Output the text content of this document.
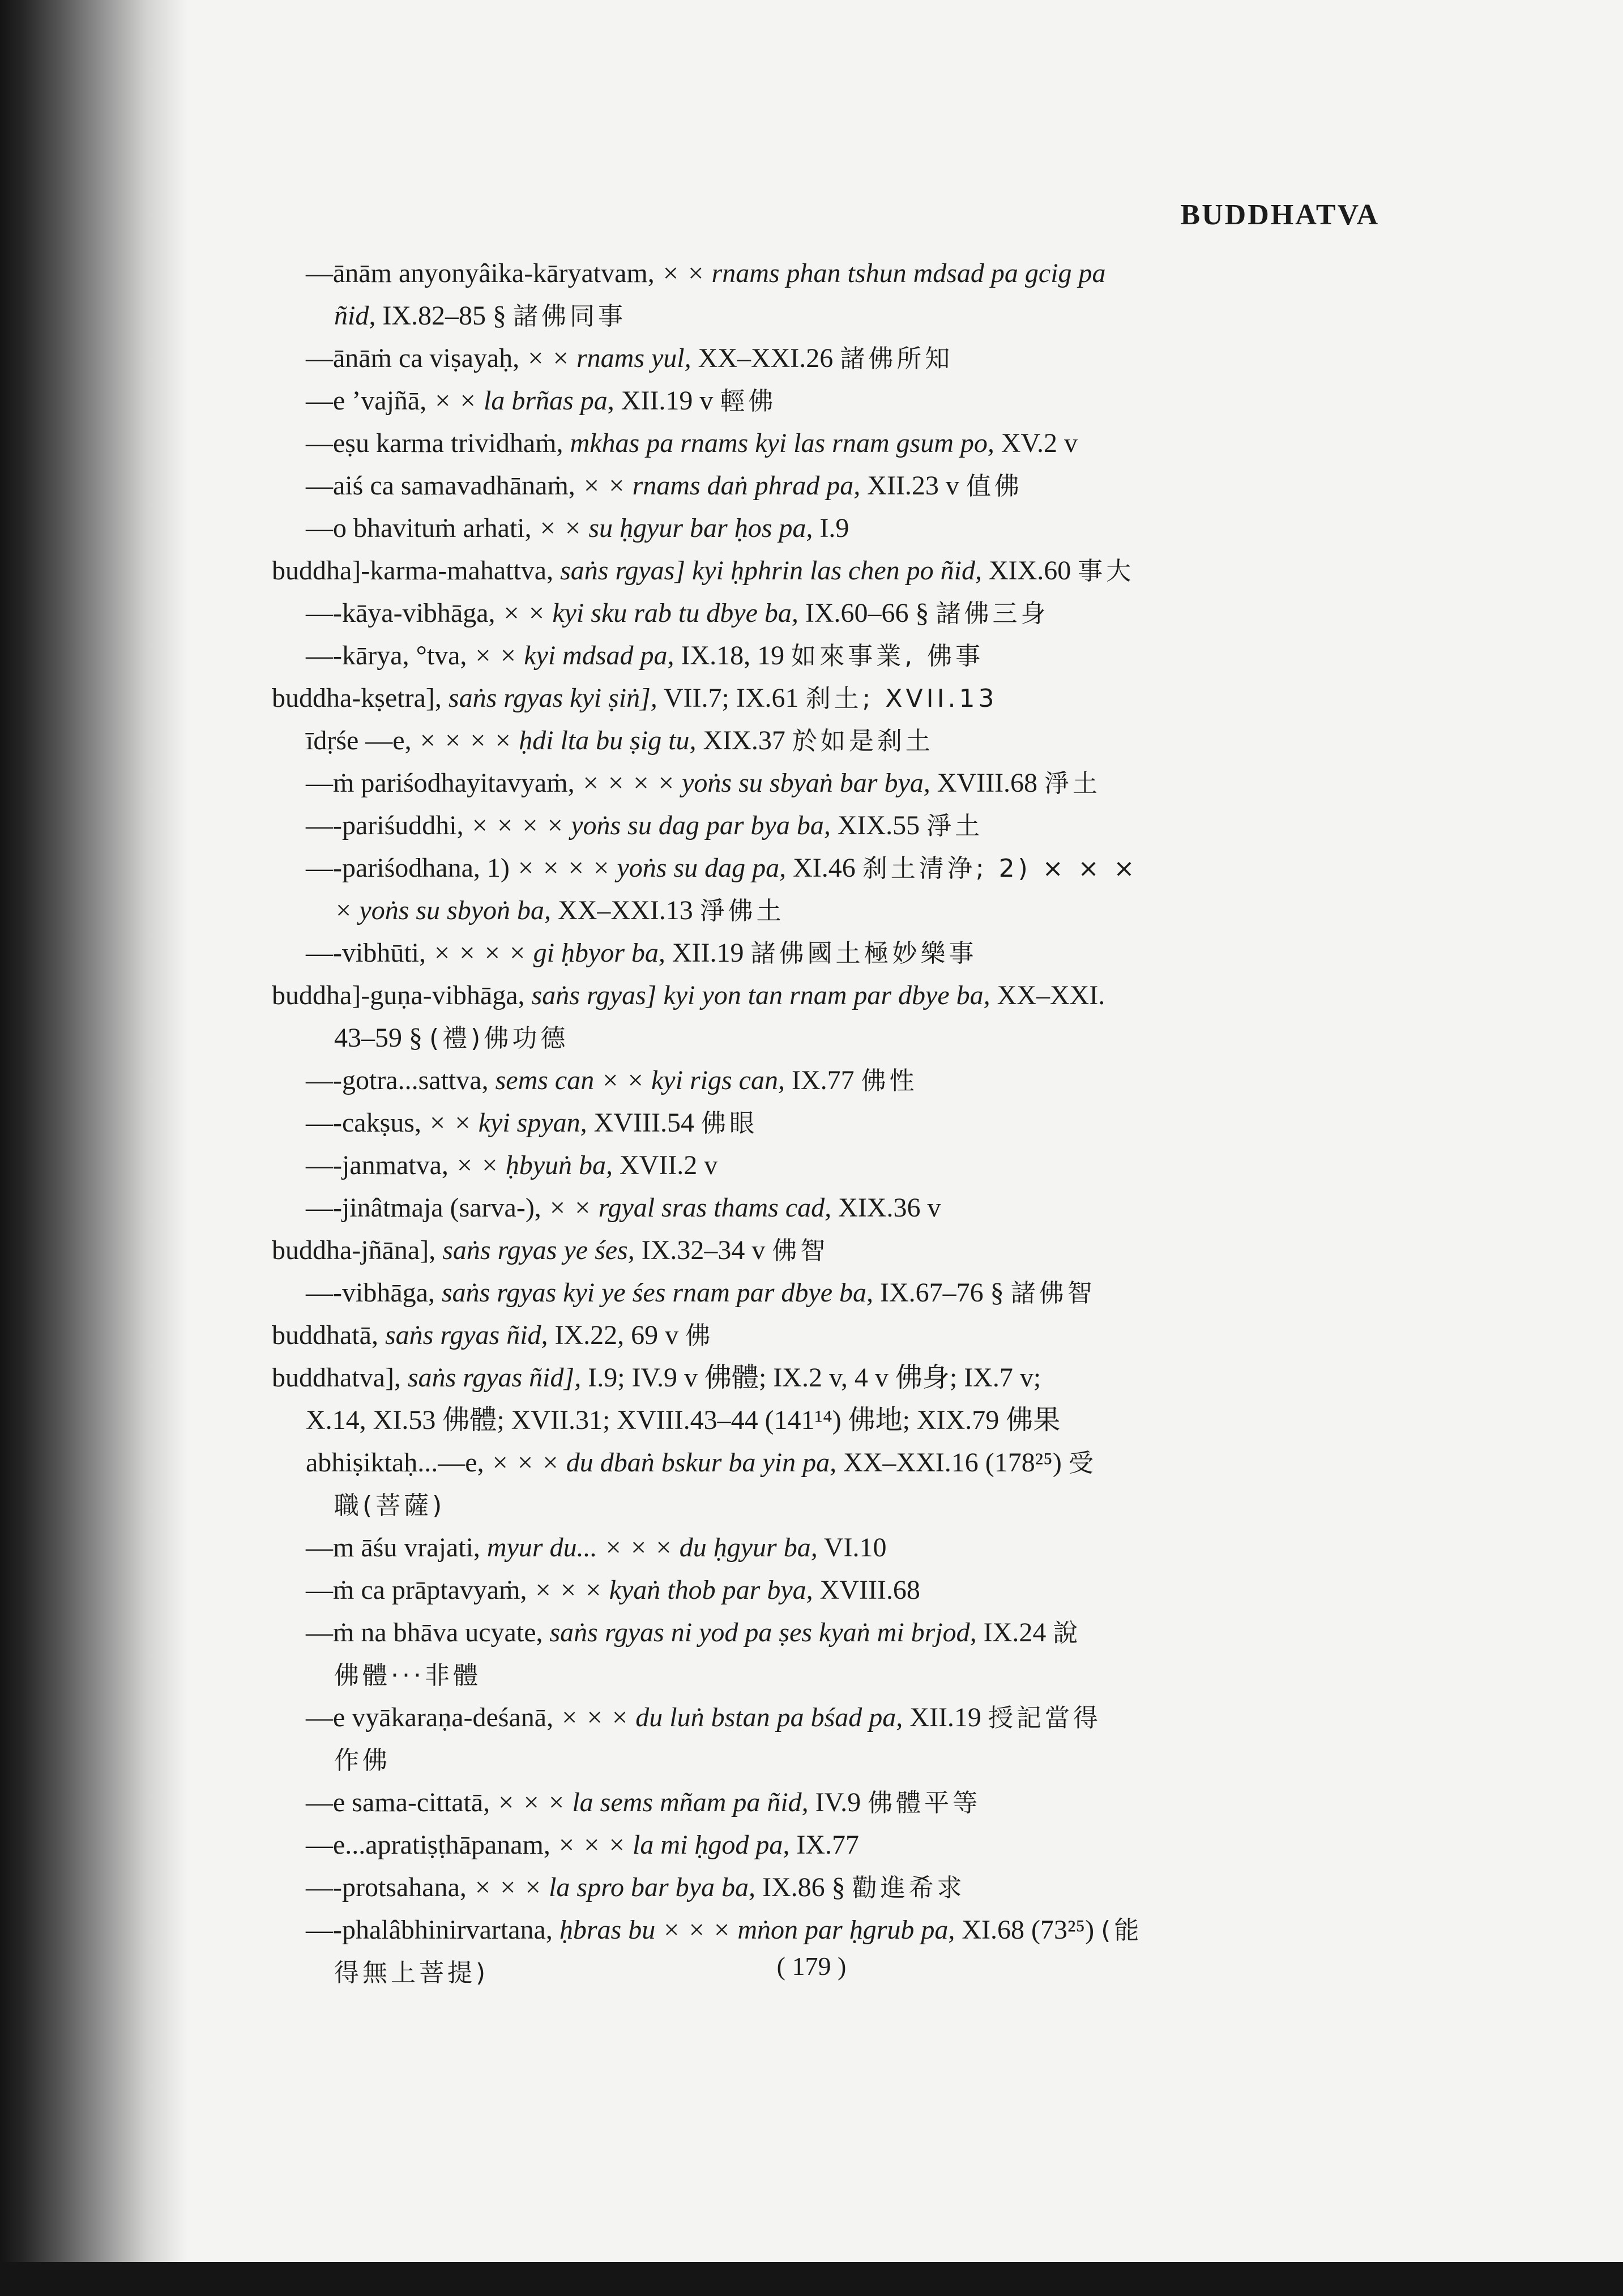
BUDDHATVA
—ānām anyonyâika-kāryatvam, × × rnams phan tshun mdsad pa gcig pa
ñid, IX.82–85 § 諸佛同事
—ānāṁ ca viṣayaḥ, × × rnams yul, XX–XXI.26 諸佛所知
—e ’vajñā, × × la brñas pa, XII.19 v 輕佛
—eṣu karma trividhaṁ, mkhas pa rnams kyi las rnam gsum po, XV.2 v
—aiś ca samavadhānaṁ, × × rnams daṅ phrad pa, XII.23 v 值佛
—o bhavituṁ arhati, × × su ḥgyur bar ḥos pa, I.9
buddha]-karma-mahattva, saṅs rgyas] kyi ḥphrin las chen po ñid, XIX.60 事大
—-kāya-vibhāga, × × kyi sku rab tu dbye ba, IX.60–66 § 諸佛三身
—-kārya, °tva, × × kyi mdsad pa, IX.18, 19 如來事業, 佛事
buddha-kṣetra], saṅs rgyas kyi ṣiṅ], VII.7; IX.61 刹土; XVII.13
īdṛśe —e, × × × × ḥdi lta bu ṣig tu, XIX.37 於如是刹土
—ṁ pariśodhayitavyaṁ, × × × × yoṅs su sbyaṅ bar bya, XVIII.68 淨土
—-pariśuddhi, × × × × yoṅs su dag par bya ba, XIX.55 淨土
—-pariśodhana, 1) × × × × yoṅs su dag pa, XI.46 刹土清浄; 2) × × ×
× yoṅs su sbyoṅ ba, XX–XXI.13 淨佛土
—-vibhūti, × × × × gi ḥbyor ba, XII.19 諸佛國土極妙樂事
buddha]-guṇa-vibhāga, saṅs rgyas] kyi yon tan rnam par dbye ba, XX–XXI.
43–59 § (禮)佛功德
—-gotra...sattva, sems can × × kyi rigs can, IX.77 佛性
—-cakṣus, × × kyi spyan, XVIII.54 佛眼
—-janmatva, × × ḥbyuṅ ba, XVII.2 v
—-jinâtmaja (sarva-), × × rgyal sras thams cad, XIX.36 v
buddha-jñāna], saṅs rgyas ye śes, IX.32–34 v 佛智
—-vibhāga, saṅs rgyas kyi ye śes rnam par dbye ba, IX.67–76 § 諸佛智
buddhatā, saṅs rgyas ñid, IX.22, 69 v 佛
buddhatva], saṅs rgyas ñid], I.9; IV.9 v 佛體; IX.2 v, 4 v 佛身; IX.7 v;
X.14, XI.53 佛體; XVII.31; XVIII.43–44 (141¹⁴) 佛地; XIX.79 佛果
abhiṣiktaḥ...—e, × × × du dbaṅ bskur ba yin pa, XX–XXI.16 (178²⁵) 受
職(菩薩)
—m āśu vrajati, myur du... × × × du ḥgyur ba, VI.10
—ṁ ca prāptavyaṁ, × × × kyaṅ thob par bya, XVIII.68
—ṁ na bhāva ucyate, saṅs rgyas ni yod pa ṣes kyaṅ mi brjod, IX.24 說
佛體···非體
—e vyākaraṇa-deśanā, × × × du luṅ bstan pa bśad pa, XII.19 授記當得
作佛
—e sama-cittatā, × × × la sems mñam pa ñid, IV.9 佛體平等
—e...apratiṣṭhāpanam, × × × la mi ḥgod pa, IX.77
—-protsahana, × × × la spro bar bya ba, IX.86 § 勸進希求
—-phalâbhinirvartana, ḥbras bu × × × mṅon par ḥgrub pa, XI.68 (73²⁵) (能
得無上菩提)	( 179 )
